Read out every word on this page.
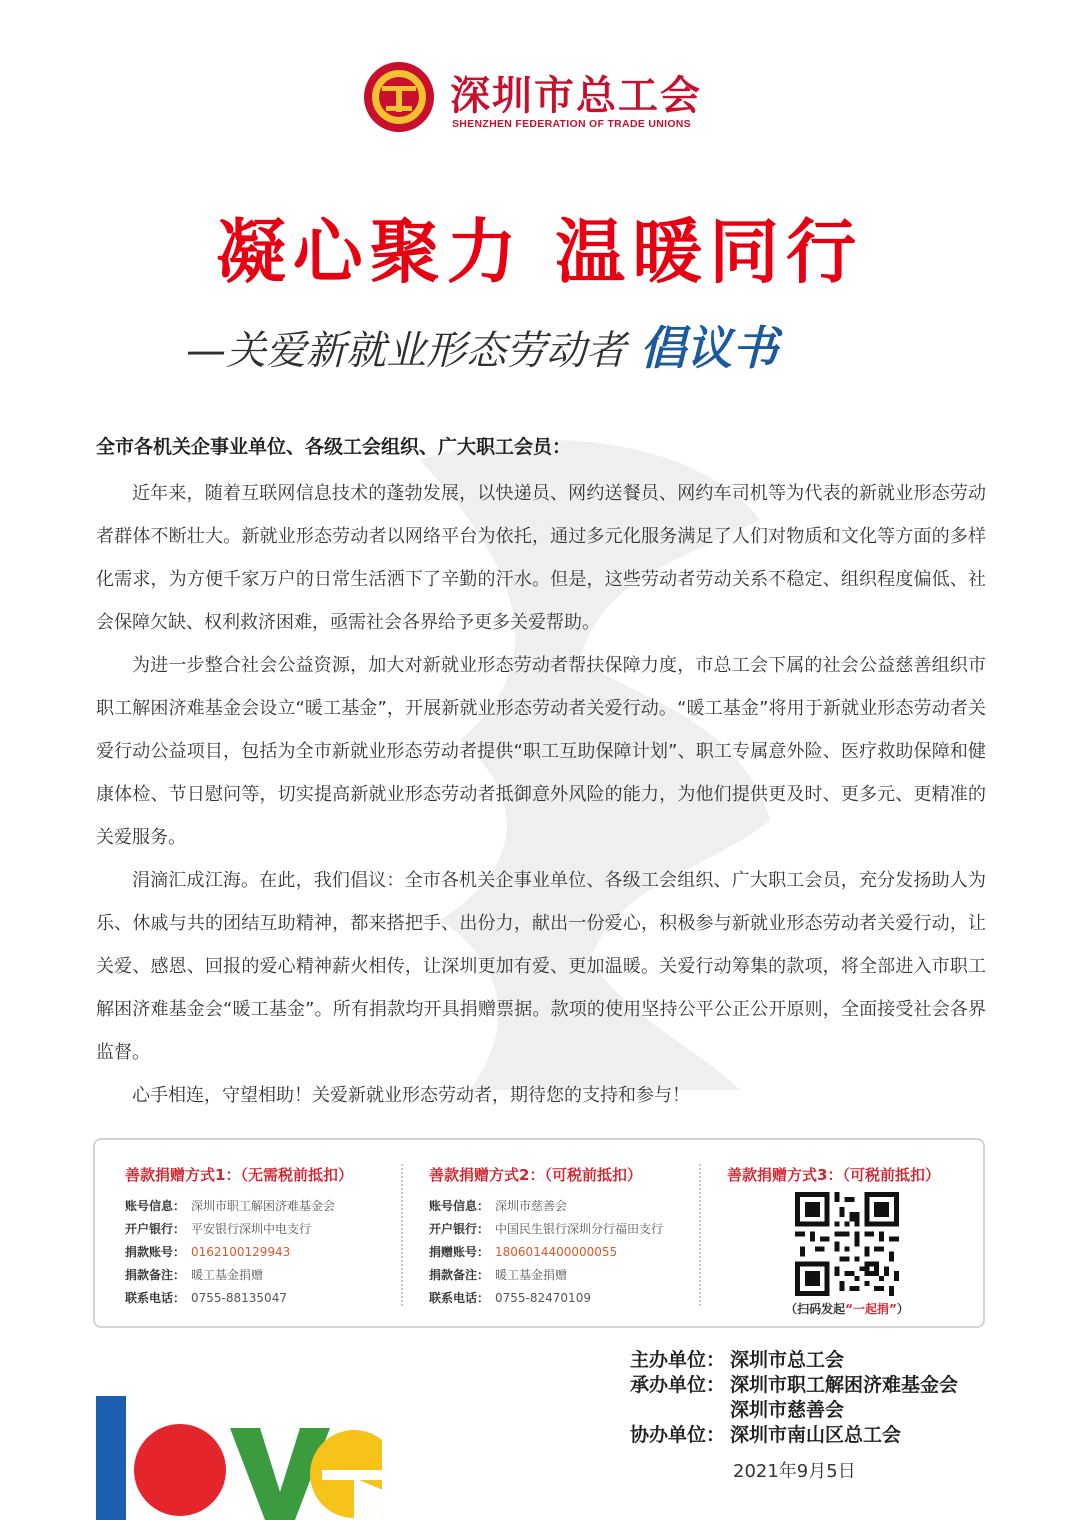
深圳市总工会
SHENZHEN FEDERATION OF TRADE UNIONS
凝心聚力 温暖同行
—关爱新就业形态劳动者 倡议书
全市各机关企事业单位、各级工会组织、广大职工会员：

近年来，随着互联网信息技术的蓬勃发展，以快递员、网约送餐员、网约车司机等为代表的新就业形态劳动者群体不断壮大。新就业形态劳动者以网络平台为依托，通过多元化服务满足了人们对物质和文化等方面的多样化需求，为方便千家万户的日常生活洒下了辛勤的汗水。但是，这些劳动者劳动关系不稳定、组织程度偏低、社会保障欠缺、权利救济困难，亟需社会各界给予更多关爱帮助。

为进一步整合社会公益资源，加大对新就业形态劳动者帮扶保障力度，市总工会下属的社会公益慈善组织市职工解困济难基金会设立“暖工基金”，开展新就业形态劳动者关爱行动。“暖工基金”将用于新就业形态劳动者关爱行动公益项目，包括为全市新就业形态劳动者提供“职工互助保障计划”、职工专属意外险、医疗救助保障和健康体检、节日慰问等，切实提高新就业形态劳动者抵御意外风险的能力，为他们提供更及时、更多元、更精准的关爱服务。

涓滴汇成江海。在此，我们倡议：全市各机关企事业单位、各级工会组织、广大职工会员，充分发扬助人为乐、休戚与共的团结互助精神，都来搭把手、出份力，献出一份爱心，积极参与新就业形态劳动者关爱行动，让关爱、感恩、回报的爱心精神薪火相传，让深圳更加有爱、更加温暖。关爱行动筹集的款项，将全部进入市职工解困济难基金会“暖工基金”。所有捐款均开具捐赠票据。款项的使用坚持公平公正公开原则，全面接受社会各界监督。

心手相连，守望相助！关爱新就业形态劳动者，期待您的支持和参与！

善款捐赠方式1：（无需税前抵扣）
账号信息： 深圳市职工解困济难基金会
开户银行： 平安银行深圳中电支行
捐款账号： 0162100129943
捐款备注： 暖工基金捐赠
联系电话： 0755-88135047
善款捐赠方式2：（可税前抵扣）
账号信息： 深圳市慈善会
开户银行： 中国民生银行深圳分行福田支行
捐赠账号： 1806014400000055
捐款备注： 暖工基金捐赠
联系电话： 0755-82470109
善款捐赠方式3：（可税前抵扣）
（扫码发起“一起捐”）
主办单位： 深圳市总工会
承办单位： 深圳市职工解困济难基金会
深圳市慈善会
协办单位： 深圳市南山区总工会
2021年9月5日
